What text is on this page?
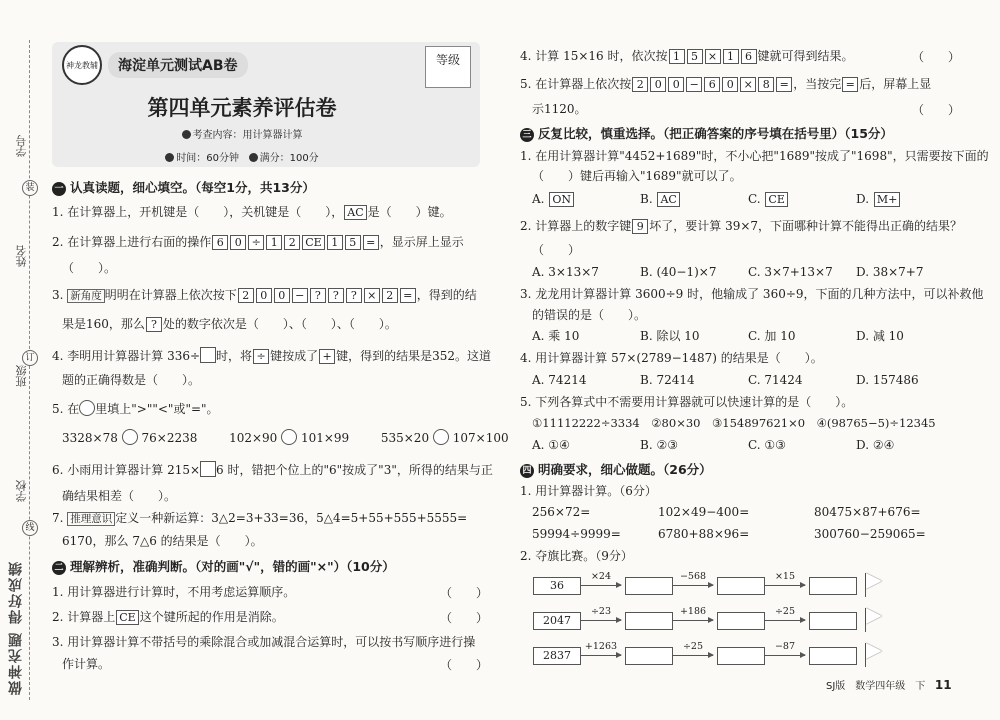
学号
装
姓名
订
班级
学校
线
做神充题 得好成绩
神龙教辅	海淀单元测试AB卷	等级
第四单元素养评估卷
考查内容：用计算器计算
时间：60分钟 满分：100分
一 认真读题，细心填空。（每空1分，共13分）
1. 在计算器上，开机键是（　　），关机键是（　　）， AC 是（　　）键。
2. 在计算器上进行右面的操作 6 0 ÷ 1 2 CE 1 5 = ，显示屏上显示
（　　）。
3. 新角度 明明在计算器上依次按下 2 0 0 − ? ? ? × 2 = ，得到的结
果是160，那么 ? 处的数字依次是（　　）、（　　）、（　　）。
4. 李明用计算器计算 336÷ 时，将 ÷ 键按成了 + 键，得到的结果是352。这道
题的正确得数是（　　）。
5. 在 里填上">""<"或"="。
3328×78 76×2238	102×90 101×99	535×20 107×100
6. 小雨用计算器计算 215× 6 时，错把个位上的"6"按成了"3"，所得的结果与正
确结果相差（　　）。
7. 推理意识 定义一种新运算：3△2=3+33=36，5△4=5+55+555+5555=
6170，那么 7△6 的结果是（　　）。
二 理解辨析，准确判断。（对的画"√"，错的画"×"）（10分）
1. 用计算器进行计算时，不用考虑运算顺序。	（　　）
2. 计算器上 CE 这个键所起的作用是消除。	（　　）
3. 用计算器计算不带括号的乘除混合或加减混合运算时，可以按书写顺序进行操
作计算。	（　　）
4. 计算 15×16 时，依次按 1 5 × 1 6 键就可得到结果。	（　　）
5. 在计算器上依次按 2 0 0 − 6 0 × 8 = ，当按完 = 后，屏幕上显
示1120。	（　　）
三 反复比较，慎重选择。（把正确答案的序号填在括号里）（15分）
1. 在用计算器计算"4452+1689"时，不小心把"1689"按成了"1698"，只需要按下面的
（　　）键后再输入"1689"就可以了。
A. ON	B. AC	C. CE	D. M+
2. 计算器上的数字键 9 坏了，要计算 39×7，下面哪种计算不能得出正确的结果？
（　　）
A. 3×13×7	B. (40−1)×7	C. 3×7+13×7 D. 38×7+7
3. 龙龙用计算器计算 3600÷9 时，他输成了 360÷9，下面的几种方法中，可以补救他
的错误的是（　　）。
A. 乘 10	B. 除以 10	C. 加 10	D. 减 10
4. 用计算器计算 57×(2789−1487) 的结果是（　　）。
A. 74214	B. 72414	C. 71424	D. 157486
5. 下列各算式中不需要用计算器就可以快速计算的是（　　）。
①11112222÷3334　②80×30　③154897621×0　④(98765−5)÷12345
A. ①④	B. ②③	C. ①③	D. ②④
四 明确要求，细心做题。（26分）
1. 用计算器计算。（6分）
256×72=	102×49−400=	80475×87+676=
59994÷9999=	6780+88×96=	300760−259065=
2. 夺旗比赛。（9分）
36
×24	−568	×15
2047
÷23	+186	÷25
2837
+1263	÷25	−87
SJ版　数学四年级　下 11
